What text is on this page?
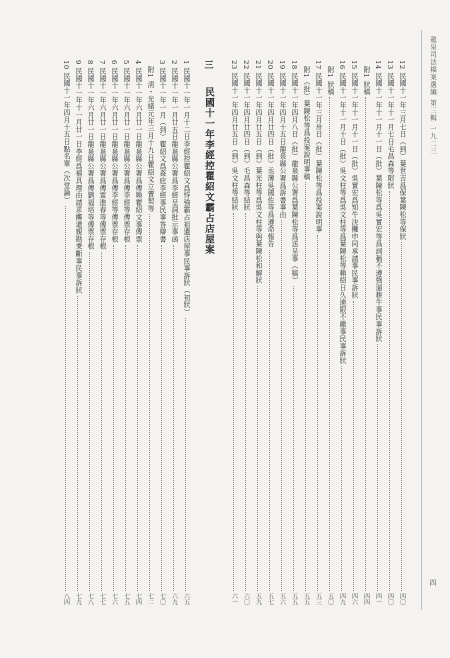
龍泉司法檔案選編 第三輯 一九二三
四
12 民國十一年三月七日（到）葉世吉爲保葉陳松等保狀
四〇
13 民國十一年十一月七日毛昌森等限狀
四〇
14 民國十一年十一月十一日（批）葉陳松等爲吳實宏等爲詞稱不遵強逼耕牛事民事訴狀
四一
附1 狀稿
四四
15 民國十一年十一月十一日（批）吳實宏爲知牛決攤申同承請事民事訴狀
四六
16 民國十一年十一月十日（批）吳文柱等爲吳文柱等爲葉陳松等賴紹日久逾限不繳事民事訴狀
四九
附1 狀稿
五〇
17 民國十一年三月卅日（批）葉陳松等爲投案說明事
五三
附1（批）葉陳松等爲投案說明事稿
五五
18 民國十一年四月八日（批）龍泉縣公署爲葉陳松等爲送呈事（稿）
五五
19 民國十一年四月十五日龍泉縣公署爲訴書事由
五六
20 民國十一年四月廿四日（批）丞薄吳國佐等爲遵命報告
五七
21 民國十一年四月廿五日（到）葉光柱等爲吳文柱等與葉陳松和解狀
五九
22 民國十一年四月廿四日（到）毛昌森等結狀
六〇
23 民國十一年四月廿五日（到）吳文柱等結狀
六一
三
民國十一年李經控瞿紹文霸占店屋案
1 民國十一年一月十二日李經控瞿紹文爲恃強霸占祖遺店屋事民事訴狀（初狀）
六五
2 民國十一年一月廿五日龍泉縣公署爲李經呈詞批示事函
六九
3 民國十一年一月（到）瞿紹文爲姦庇李經事民事答辯書
七〇
附1 淸・光緒元年三月十九日瞿紹文立賣契等
七二
4 民國十一年六月廿一日龍泉縣公署爲傳喚瞿紹文事傳票
七四
5 民國十一年六月廿一日龍泉縣公署爲傳李經等傳票存根
七五
6 民國十一年六月廿一日龍泉縣公署爲傳李經等傳票存根
七六
7 民國十一年六月廿一日龍泉縣公署爲傳雷進春等傳票存根
七七
8 民國十一年六月廿一日龍泉縣公署爲傳劉福培等傳票存根
七八
9 民國十一年十一月廿一日李經爲補具理由請求擲還親勘秉斷事民事訴狀
七九
10 民國十一年四月十五日點名單（次堂論）
八四
